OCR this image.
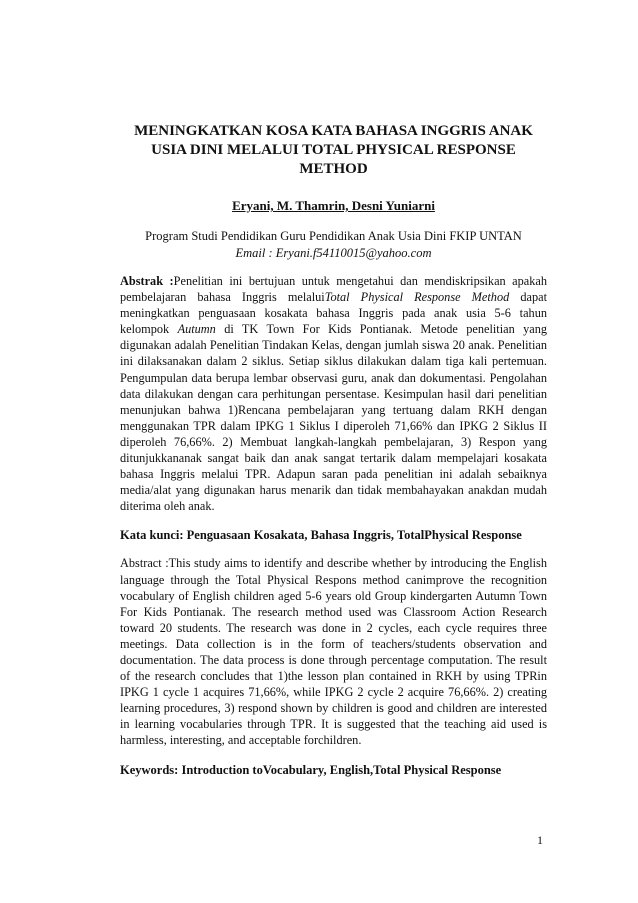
MENINGKATKAN KOSA KATA BAHASA INGGRIS ANAK USIA DINI MELALUI TOTAL PHYSICAL RESPONSE METHOD

Eryani, M. Thamrin, Desni Yuniarni

Program Studi Pendidikan Guru Pendidikan Anak Usia Dini FKIP UNTAN

Email : Eryani.f54110015@yahoo.com

Abstrak :Penelitian ini bertujuan untuk mengetahui dan mendiskripsikan apakah pembelajaran bahasa Inggris melaluiTotal Physical Response Method dapat meningkatkan penguasaan kosakata bahasa Inggris pada anak usia 5-6 tahun kelompok Autumn di TK Town For Kids Pontianak. Metode penelitian yang digunakan adalah Penelitian Tindakan Kelas, dengan jumlah siswa 20 anak. Penelitian ini dilaksanakan dalam 2 siklus. Setiap siklus dilakukan dalam tiga kali pertemuan. Pengumpulan data berupa lembar observasi guru, anak dan dokumentasi. Pengolahan data dilakukan dengan cara perhitungan persentase. Kesimpulan hasil dari penelitian menunjukan bahwa 1)Rencana pembelajaran yang tertuang dalam RKH dengan menggunakan TPR dalam IPKG 1 Siklus I diperoleh 71,66% dan IPKG 2 Siklus II diperoleh 76,66%. 2) Membuat langkah-langkah pembelajaran, 3) Respon yang ditunjukkananak sangat baik dan anak sangat tertarik dalam mempelajari kosakata bahasa Inggris melalui TPR. Adapun saran pada penelitian ini adalah sebaiknya media/alat yang digunakan harus menarik dan tidak membahayakan anakdan mudah diterima oleh anak.

Kata kunci: Penguasaan Kosakata, Bahasa Inggris, TotalPhysical Response

Abstract :This study aims to identify and describe whether by introducing the English language through the Total Physical Respons method canimprove the recognition vocabulary of English children aged 5-6 years old Group kindergarten Autumn Town For Kids Pontianak. The research method used was Classroom Action Research toward 20 students. The research was done in 2 cycles, each cycle requires three meetings. Data collection is in the form of teachers/students observation and documentation. The data process is done through percentage computation. The result of the research concludes that 1)the lesson plan contained in RKH by using TPRin IPKG 1 cycle 1 acquires 71,66%, while IPKG 2 cycle 2 acquire 76,66%. 2) creating learning procedures, 3) respond shown by children is good and children are interested in learning vocabularies through TPR. It is suggested that the teaching aid used is harmless, interesting, and acceptable forchildren.

Keywords: Introduction toVocabulary, English,Total Physical Response

1
